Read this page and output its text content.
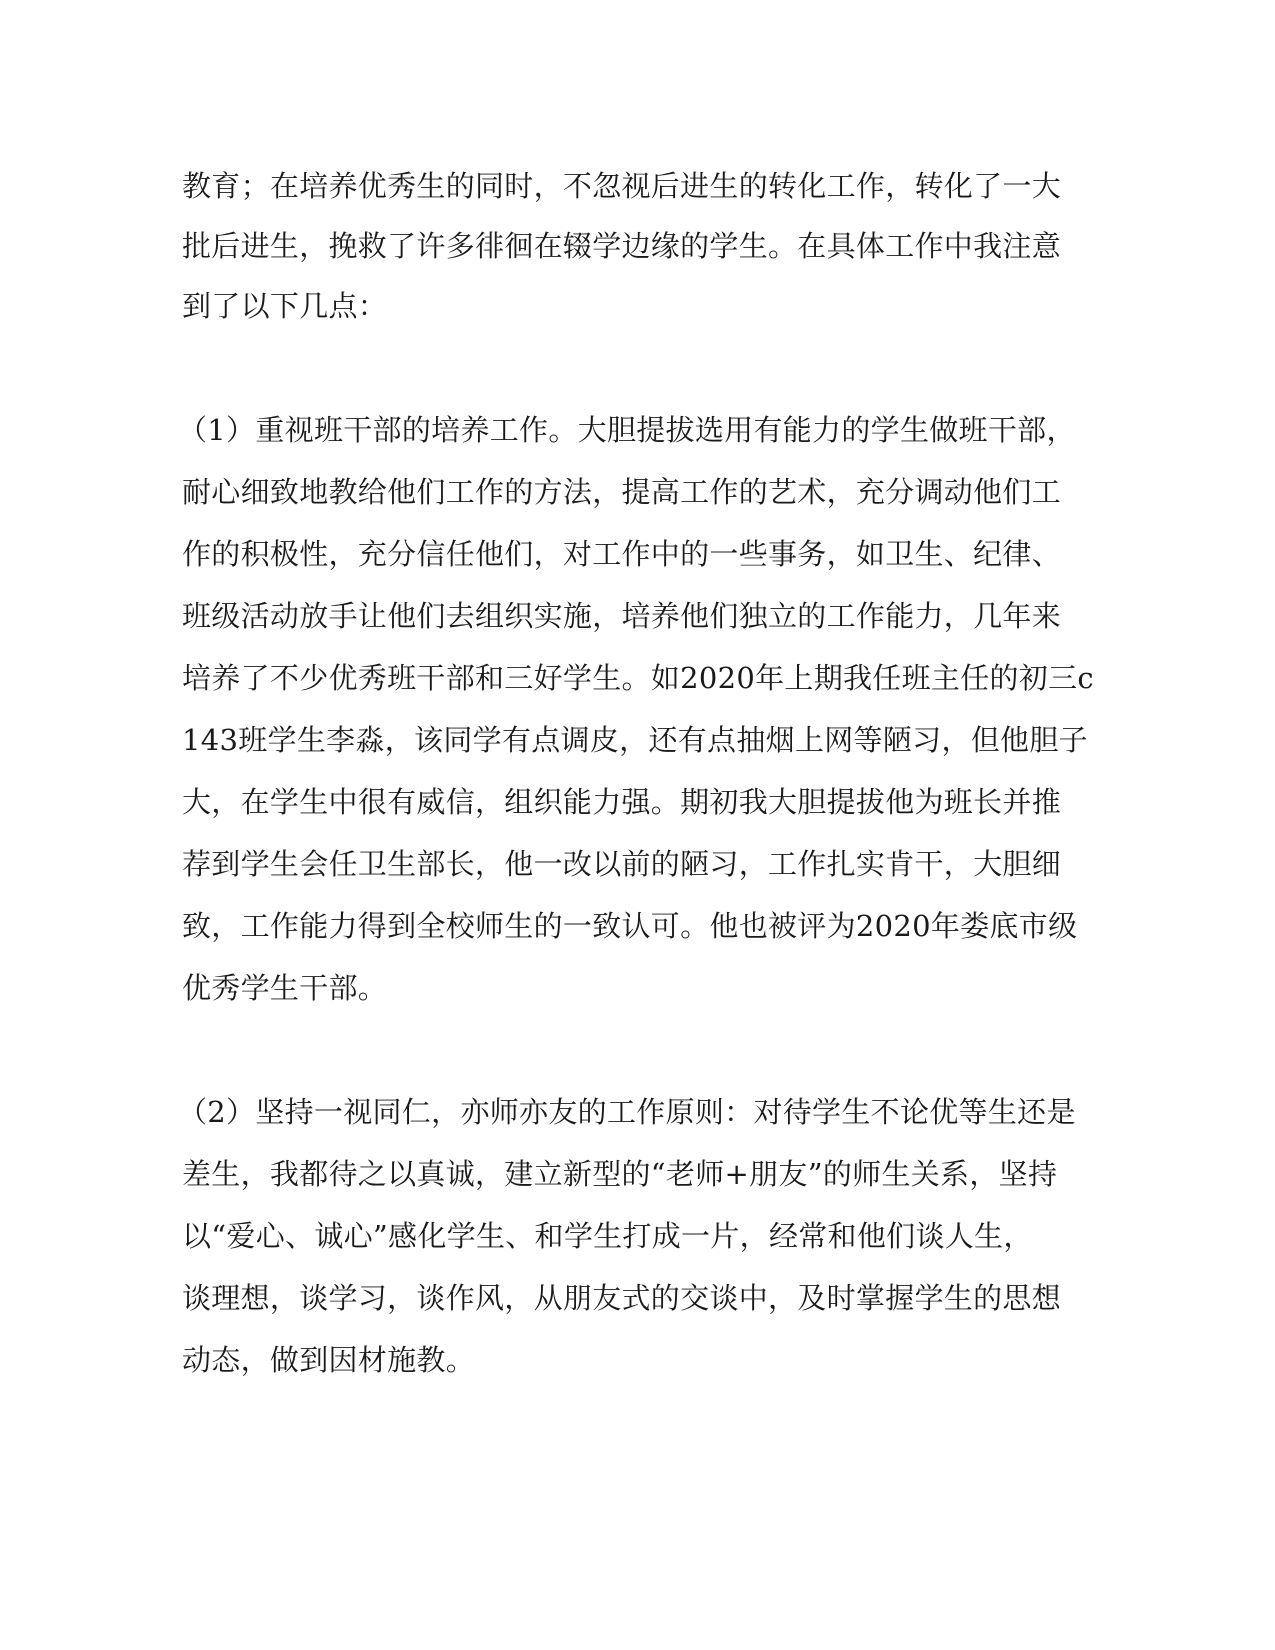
教育；在培养优秀生的同时，不忽视后进生的转化工作，转化了一大
批后进生，挽救了许多徘徊在辍学边缘的学生。在具体工作中我注意
到了以下几点：
（1）重视班干部的培养工作。大胆提拔选用有能力的学生做班干部，
耐心细致地教给他们工作的方法，提高工作的艺术，充分调动他们工
作的积极性，充分信任他们，对工作中的一些事务，如卫生、纪律、
班级活动放手让他们去组织实施，培养他们独立的工作能力，几年来
培养了不少优秀班干部和三好学生。如2020年上期我任班主任的初三c
143班学生李淼，该同学有点调皮，还有点抽烟上网等陋习，但他胆子
大，在学生中很有威信，组织能力强。期初我大胆提拔他为班长并推
荐到学生会任卫生部长，他一改以前的陋习，工作扎实肯干，大胆细
致，工作能力得到全校师生的一致认可。他也被评为2020年娄底市级
优秀学生干部。
（2）坚持一视同仁，亦师亦友的工作原则：对待学生不论优等生还是
差生，我都待之以真诚，建立新型的“老师+朋友”的师生关系，坚持
以“爱心、诚心”感化学生、和学生打成一片，经常和他们谈人生，
谈理想，谈学习，谈作风，从朋友式的交谈中，及时掌握学生的思想
动态，做到因材施教。
